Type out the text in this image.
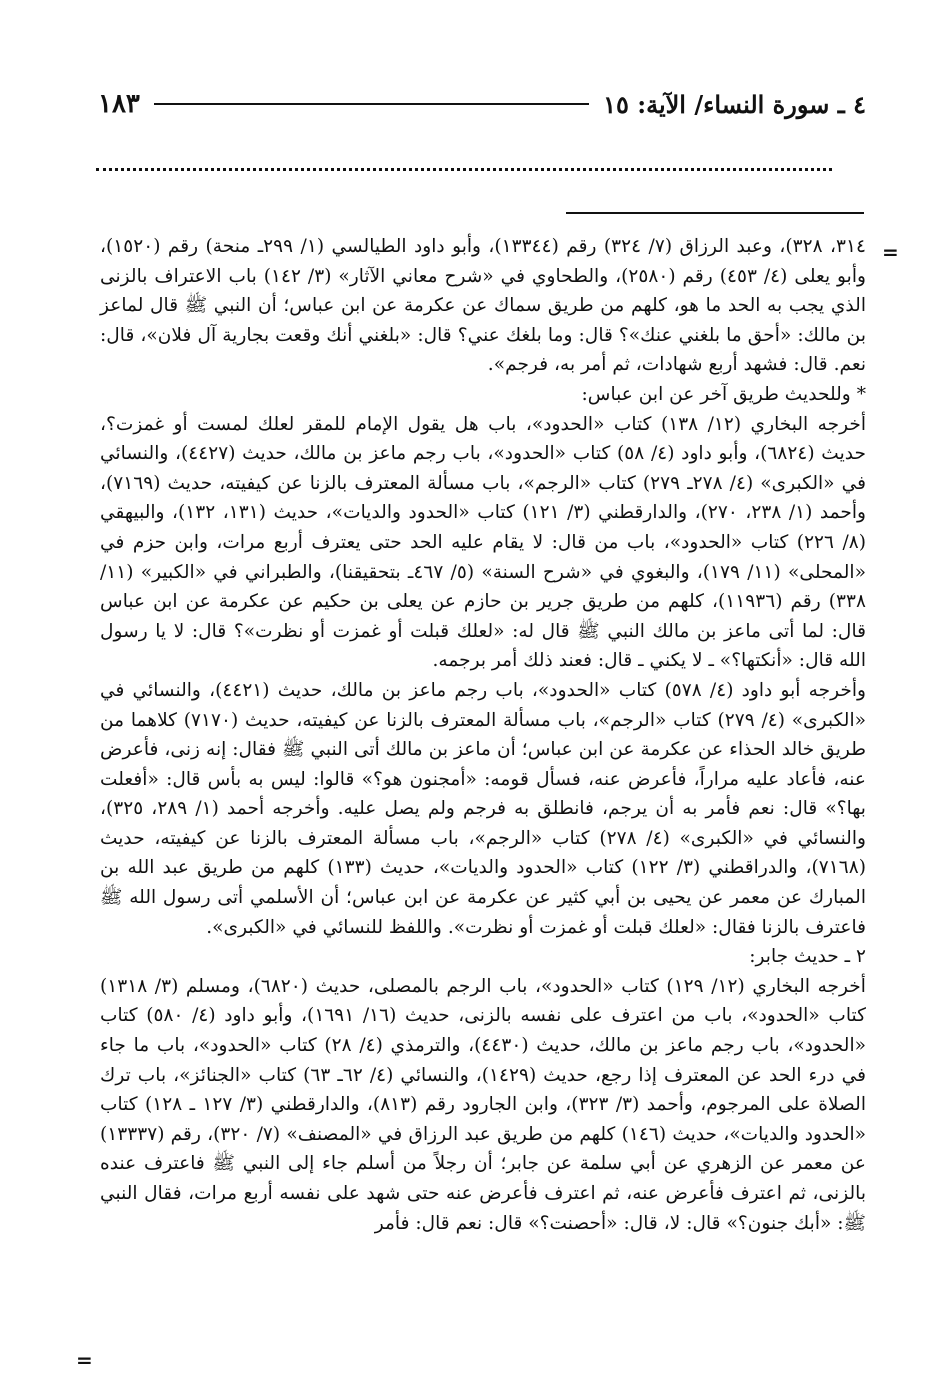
٤ ـ سورة النساء/ الآية: ١٥
١٨٣
=

٣١٤، ٣٢٨)، وعبد الرزاق (٧/ ٣٢٤) رقم (١٣٣٤٤)، وأبو داود الطيالسي (١/ ٢٩٩ـ منحة) رقم (١٥٢٠)، وأبو يعلى (٤/ ٤٥٣) رقم (٢٥٨٠)، والطحاوي في «شرح معاني الآثار» (٣/ ١٤٢) باب الاعتراف بالزنى الذي يجب به الحد ما هو، كلهم من طريق سماك عن عكرمة عن ابن عباس؛ أن النبي ﷺ قال لماعز بن مالك: «أحق ما بلغني عنك»؟ قال: وما بلغك عني؟ قال: «بلغني أنك وقعت بجارية آل فلان»، قال: نعم. قال: فشهد أربع شهادات، ثم أمر به، فرجم».

* وللحديث طريق آخر عن ابن عباس:

أخرجه البخاري (١٢/ ١٣٨) كتاب «الحدود»، باب هل يقول الإمام للمقر لعلك لمست أو غمزت؟، حديث (٦٨٢٤)، وأبو داود (٤/ ٥٨) كتاب «الحدود»، باب رجم ماعز بن مالك، حديث (٤٤٢٧)، والنسائي في «الكبرى» (٤/ ٢٧٨ـ ٢٧٩) كتاب «الرجم»، باب مسألة المعترف بالزنا عن كيفيته، حديث (٧١٦٩)، وأحمد (١/ ٢٣٨، ٢٧٠)، والدارقطني (٣/ ١٢١) كتاب «الحدود والديات»، حديث (١٣١، ١٣٢)، والبيهقي (٨/ ٢٢٦) كتاب «الحدود»، باب من قال: لا يقام عليه الحد حتى يعترف أربع مرات، وابن حزم في «المحلى» (١١/ ١٧٩)، والبغوي في «شرح السنة» (٥/ ٤٦٧ـ بتحقيقنا)، والطبراني في «الكبير» (١١/ ٣٣٨) رقم (١١٩٣٦)، كلهم من طريق جرير بن حازم عن يعلى بن حكيم عن عكرمة عن ابن عباس قال: لما أتى ماعز بن مالك النبي ﷺ قال له: «لعلك قبلت أو غمزت أو نظرت»؟ قال: لا يا رسول الله قال: «أنكتها؟» ـ لا يكني ـ قال: فعند ذلك أمر برجمه.

وأخرجه أبو داود (٤/ ٥٧٨) كتاب «الحدود»، باب رجم ماعز بن مالك، حديث (٤٤٢١)، والنسائي في «الكبرى» (٤/ ٢٧٩) كتاب «الرجم»، باب مسألة المعترف بالزنا عن كيفيته، حديث (٧١٧٠) كلاهما من طريق خالد الحذاء عن عكرمة عن ابن عباس؛ أن ماعز بن مالك أتى النبي ﷺ فقال: إنه زنى، فأعرض عنه، فأعاد عليه مراراً، فأعرض عنه، فسأل قومه: «أمجنون هو؟» قالوا: ليس به بأس قال: «أفعلت بها؟» قال: نعم فأمر به أن يرجم، فانطلق به فرجم ولم يصل عليه. وأخرجه أحمد (١/ ٢٨٩، ٣٢٥)، والنسائي في «الكبرى» (٤/ ٢٧٨) كتاب «الرجم»، باب مسألة المعترف بالزنا عن كيفيته، حديث (٧١٦٨)، والدراقطني (٣/ ١٢٢) كتاب «الحدود والديات»، حديث (١٣٣) كلهم من طريق عبد الله بن المبارك عن معمر عن يحيى بن أبي كثير عن عكرمة عن ابن عباس؛ أن الأسلمي أتى رسول الله ﷺ فاعترف بالزنا فقال: «لعلك قبلت أو غمزت أو نظرت». واللفظ للنسائي في «الكبرى».

٢ ـ حديث جابر:

أخرجه البخاري (١٢/ ١٢٩) كتاب «الحدود»، باب الرجم بالمصلى، حديث (٦٨٢٠)، ومسلم (٣/ ١٣١٨) كتاب «الحدود»، باب من اعترف على نفسه بالزنى، حديث (١٦/ ١٦٩١)، وأبو داود (٤/ ٥٨٠) كتاب «الحدود»، باب رجم ماعز بن مالك، حديث (٤٤٣٠)، والترمذي (٤/ ٢٨) كتاب «الحدود»، باب ما جاء في درء الحد عن المعترف إذا رجع، حديث (١٤٢٩)، والنسائي (٤/ ٦٢ـ ٦٣) كتاب «الجنائز»، باب ترك الصلاة على المرجوم، وأحمد (٣/ ٣٢٣)، وابن الجارود رقم (٨١٣)، والدارقطني (٣/ ١٢٧ ـ ١٢٨) كتاب «الحدود والديات»، حديث (١٤٦) كلهم من طريق عبد الرزاق في «المصنف» (٧/ ٣٢٠)، رقم (١٣٣٣٧) عن معمر عن الزهري عن أبي سلمة عن جابر؛ أن رجلاً من أسلم جاء إلى النبي ﷺ فاعترف عنده بالزنى، ثم اعترف فأعرض عنه، ثم اعترف فأعرض عنه حتى شهد على نفسه أربع مرات، فقال النبي ﷺ: «أبك جنون؟» قال: لا، قال: «أحصنت؟» قال: نعم قال: فأمر

=
